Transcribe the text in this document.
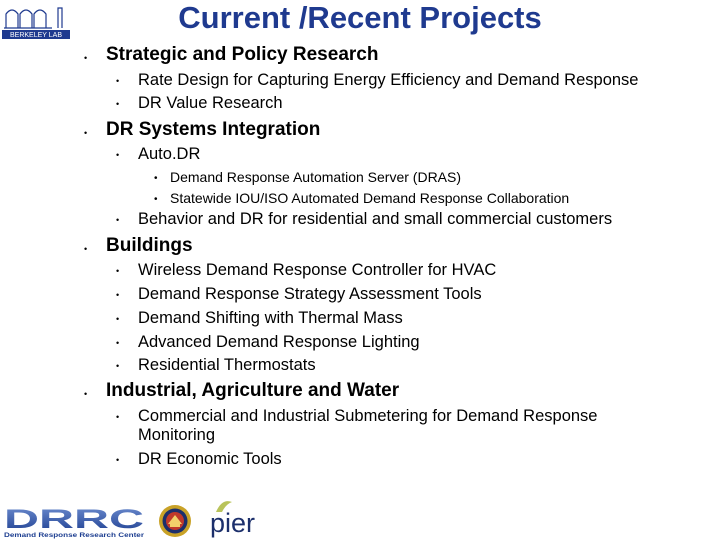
BERKELEY LAB
Current /Recent Projects
• Strategic and Policy Research
• Rate Design for Capturing Energy Efficiency and Demand Response
• DR Value Research
• DR Systems Integration
• Auto.DR
• Demand Response Automation Server (DRAS)
• Statewide IOU/ISO Automated Demand Response Collaboration
• Behavior and DR for residential and small commercial customers
• Buildings
• Wireless Demand Response Controller for HVAC
• Demand Response Strategy Assessment Tools
• Demand Shifting with Thermal Mass
• Advanced Demand Response Lighting
• Residential Thermostats
• Industrial, Agriculture and Water
• Commercial and Industrial Submetering for Demand Response
Monitoring
• DR Economic Tools
DRRC
Demand Response Research Center pier
